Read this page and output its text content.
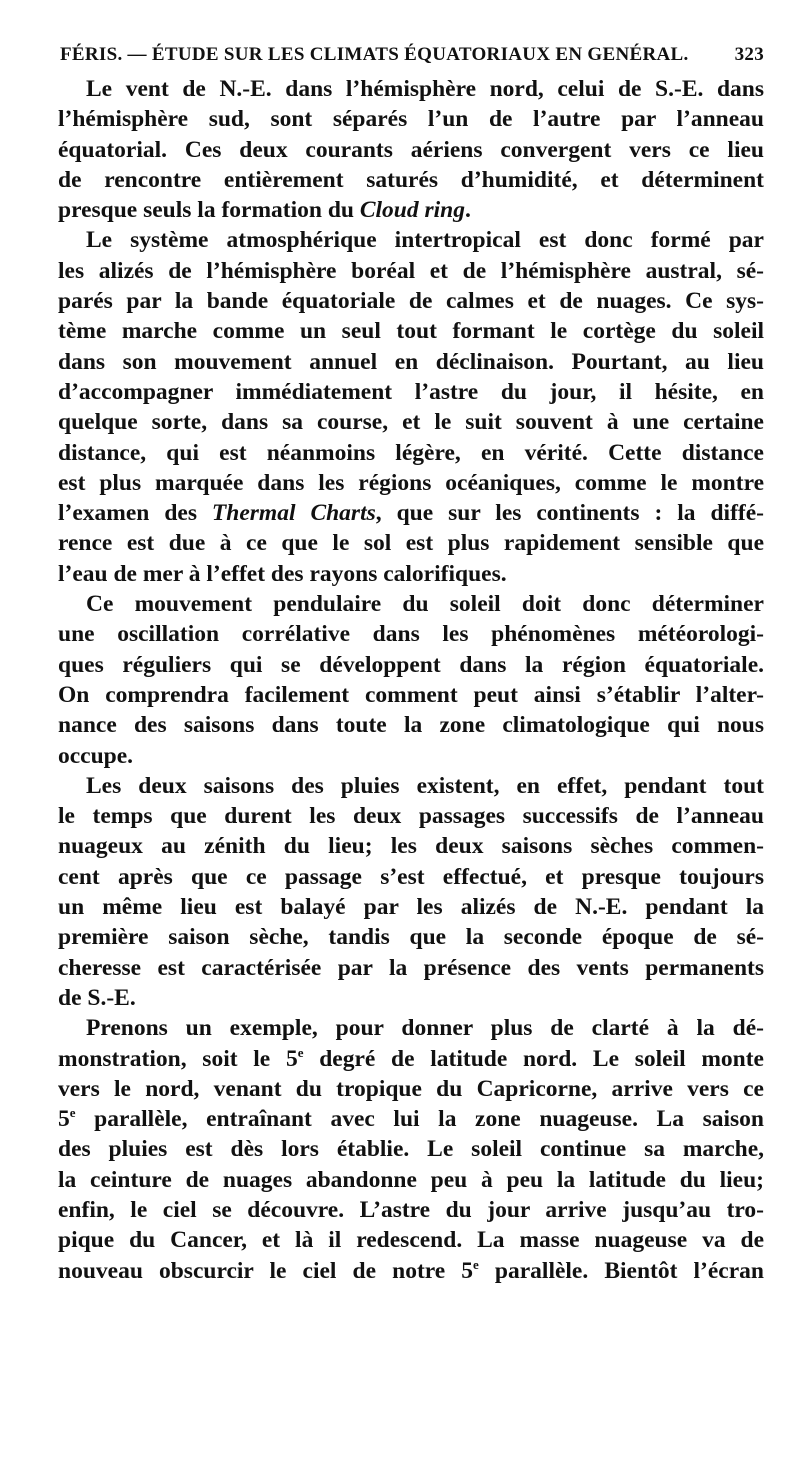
FÉRIS. — ÉTUDE SUR LES CLIMATS ÉQUATORIAUX EN GENÉRAL.	323
Le vent de N.-E. dans l’hémisphère nord, celui de S.-E. dans
l’hémisphère sud, sont séparés l’un de l’autre par l’anneau
équatorial. Ces deux courants aériens convergent vers ce lieu
de rencontre entièrement saturés d’humidité, et déterminent
presque seuls la formation du Cloud ring.
Le système atmosphérique intertropical est donc formé par
les alizés de l’hémisphère boréal et de l’hémisphère austral, sé-
parés par la bande équatoriale de calmes et de nuages. Ce sys-
tème marche comme un seul tout formant le cortège du soleil
dans son mouvement annuel en déclinaison. Pourtant, au lieu
d’accompagner immédiatement l’astre du jour, il hésite, en
quelque sorte, dans sa course, et le suit souvent à une certaine
distance, qui est néanmoins légère, en vérité. Cette distance
est plus marquée dans les régions océaniques, comme le montre
l’examen des Thermal Charts, que sur les continents : la diffé-
rence est due à ce que le sol est plus rapidement sensible que
l’eau de mer à l’effet des rayons calorifiques.
Ce mouvement pendulaire du soleil doit donc déterminer
une oscillation corrélative dans les phénomènes météorologi-
ques réguliers qui se développent dans la région équatoriale.
On comprendra facilement comment peut ainsi s’établir l’alter-
nance des saisons dans toute la zone climatologique qui nous
occupe.
Les deux saisons des pluies existent, en effet, pendant tout
le temps que durent les deux passages successifs de l’anneau
nuageux au zénith du lieu; les deux saisons sèches commen-
cent après que ce passage s’est effectué, et presque toujours
un même lieu est balayé par les alizés de N.-E. pendant la
première saison sèche, tandis que la seconde époque de sé-
cheresse est caractérisée par la présence des vents permanents
de S.-E.
Prenons un exemple, pour donner plus de clarté à la dé-
monstration, soit le 5e degré de latitude nord. Le soleil monte
vers le nord, venant du tropique du Capricorne, arrive vers ce
5e parallèle, entraînant avec lui la zone nuageuse. La saison
des pluies est dès lors établie. Le soleil continue sa marche,
la ceinture de nuages abandonne peu à peu la latitude du lieu;
enfin, le ciel se découvre. L’astre du jour arrive jusqu’au tro-
pique du Cancer, et là il redescend. La masse nuageuse va de
nouveau obscurcir le ciel de notre 5e parallèle. Bientôt l’écran
